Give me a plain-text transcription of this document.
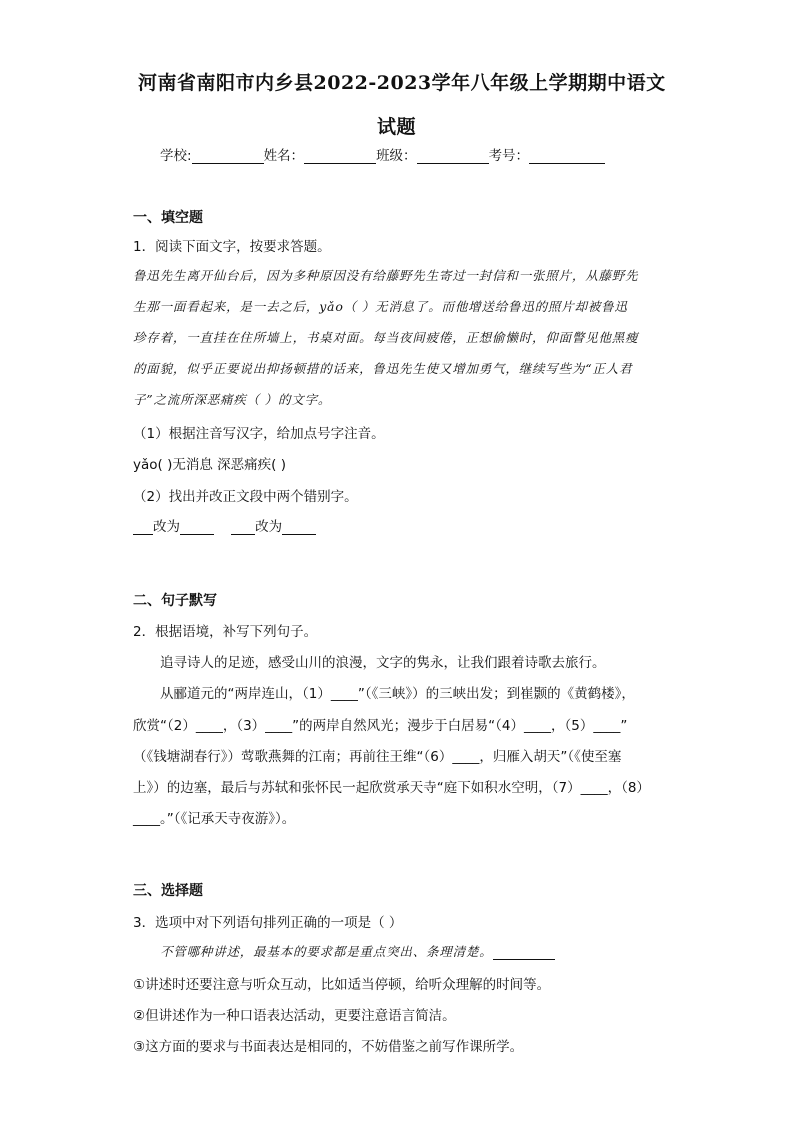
河南省南阳市内乡县2022-2023学年八年级上学期期中语文
试题
学校:	姓名：	班级：	考号：
一、填空题
1．阅读下面文字，按要求答题。
鲁迅先生离开仙台后，因为多种原因没有给藤野先生寄过一封信和一张照片，从藤野先
生那一面看起来，是一去之后，yǎo（ ）无消息了。而他增送给鲁迅的照片却被鲁迅
珍存着，一直挂在住所墙上，书桌对面。每当夜间疲倦，正想偷懒时，仰面瞥见他黑瘦
的面貌，似乎正要说出抑扬顿措的话来，鲁迅先生使又增加勇气，继续写些为“正人君
子”之流所深恶痛疾（ ）的文字。
（1）根据注音写汉字，给加点号字注音。
yǎo( )无消息 深恶痛疾( )
（2）找出并改正文段中两个错别字。
改为	改为
二、句子默写
2．根据语境，补写下列句子。
追寻诗人的足迹，感受山川的浪漫，文字的隽永，让我们跟着诗歌去旅行。
从郦道元的“两岸连山，（1）____”（《三峡》）的三峡出发；到崔颢的《黄鹤楼》，
欣赏“（2）____，（3）____”的两岸自然风光；漫步于白居易“（4）____，（5）____”
（《钱塘湖春行》）莺歌燕舞的江南；再前往王维“（6）____，归雁入胡天”（《使至塞
上》）的边塞，最后与苏轼和张怀民一起欣赏承天寺“庭下如积水空明，（7）____，（8）
____。”（《记承天寺夜游》）。
三、选择题
3．选项中对下列语句排列正确的一项是（ ）
不管哪种讲述，最基本的要求都是重点突出、条理清楚。
①讲述时还要注意与听众互动，比如适当停顿，给听众理解的时间等。
②但讲述作为一种口语表达活动，更要注意语言简洁。
③这方面的要求与书面表达是相同的，不妨借鉴之前写作课所学。
